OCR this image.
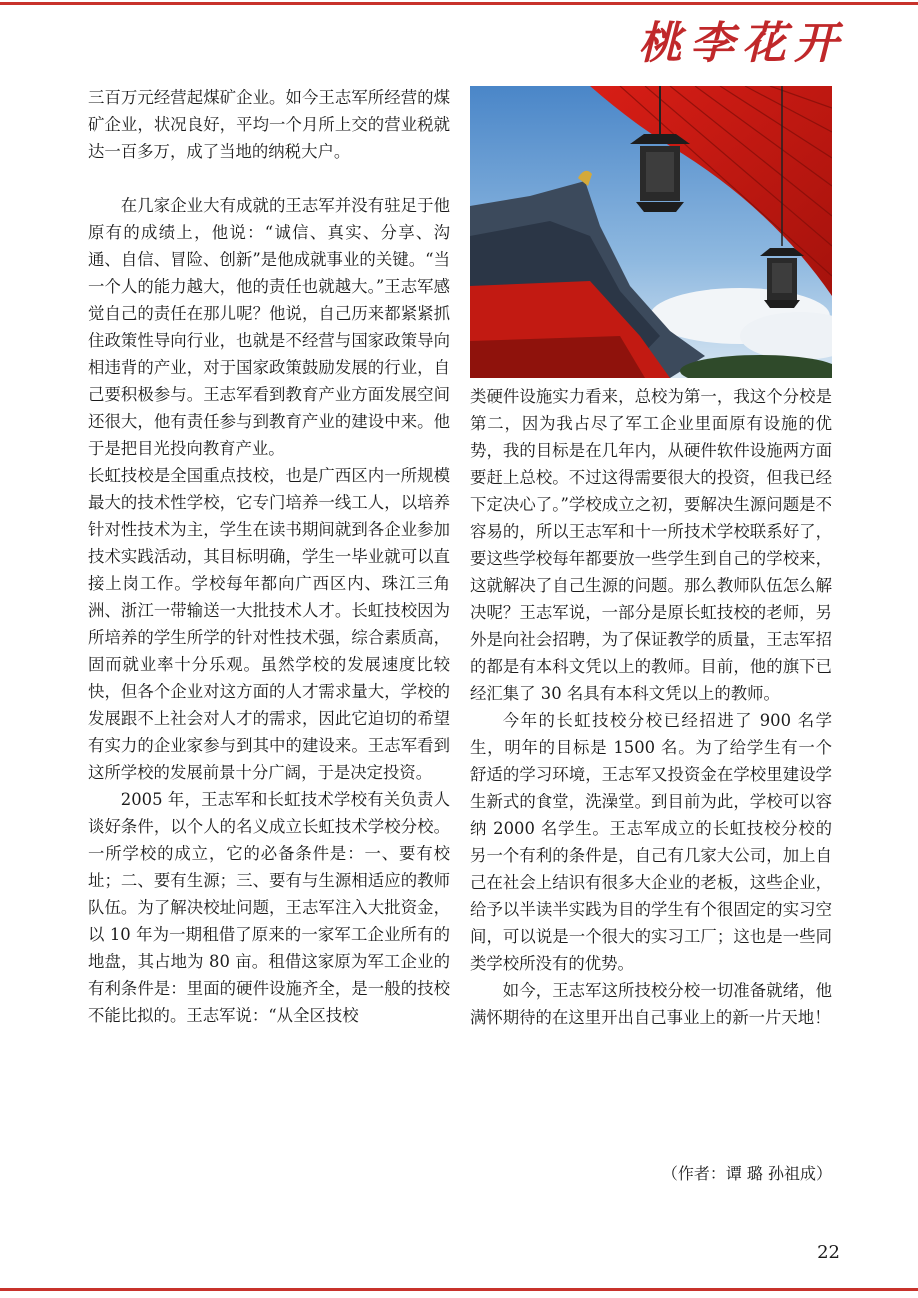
桃李花开

三百万元经营起煤矿企业。如今王志军所经营的煤矿企业，状况良好，平均一个月所上交的营业税就达一百多万，成了当地的纳税大户。

在几家企业大有成就的王志军并没有驻足于他原有的成绩上，他说：“诚信、真实、分享、沟通、自信、冒险、创新”是他成就事业的关键。“当一个人的能力越大，他的责任也就越大。”王志军感觉自己的责任在那儿呢？他说，自己历来都紧紧抓住政策性导向行业，也就是不经营与国家政策导向相违背的产业，对于国家政策鼓励发展的行业，自己要积极参与。王志军看到教育产业方面发展空间还很大，他有责任参与到教育产业的建设中来。他于是把目光投向教育产业。

长虹技校是全国重点技校，也是广西区内一所规模最大的技术性学校，它专门培养一线工人，以培养针对性技术为主，学生在读书期间就到各企业参加技术实践活动，其目标明确，学生一毕业就可以直接上岗工作。学校每年都向广西区内、珠江三角洲、浙江一带输送一大批技术人才。长虹技校因为所培养的学生所学的针对性技术强，综合素质高，固而就业率十分乐观。虽然学校的发展速度比较快，但各个企业对这方面的人才需求量大，学校的发展跟不上社会对人才的需求，因此它迫切的希望有实力的企业家参与到其中的建设来。王志军看到这所学校的发展前景十分广阔，于是决定投资。

2005 年，王志军和长虹技术学校有关负责人谈好条件，以个人的名义成立长虹技术学校分校。一所学校的成立，它的必备条件是：一、要有校址；二、要有生源；三、要有与生源相适应的教师队伍。为了解决校址问题，王志军注入大批资金，以 10 年为一期租借了原来的一家军工企业所有的地盘，其占地为 80 亩。租借这家原为军工企业的有利条件是：里面的硬件设施齐全，是一般的技校不能比拟的。王志军说：“从全区技校

类硬件设施实力看来，总校为第一，我这个分校是第二，因为我占尽了军工企业里面原有设施的优势，我的目标是在几年内，从硬件软件设施两方面要赶上总校。不过这得需要很大的投资，但我已经下定决心了。”学校成立之初，要解决生源问题是不容易的，所以王志军和十一所技术学校联系好了，要这些学校每年都要放一些学生到自己的学校来，这就解决了自己生源的问题。那么教师队伍怎么解决呢？王志军说，一部分是原长虹技校的老师，另外是向社会招聘，为了保证教学的质量，王志军招的都是有本科文凭以上的教师。目前，他的旗下已经汇集了 30 名具有本科文凭以上的教师。

今年的长虹技校分校已经招进了 900 名学生，明年的目标是 1500 名。为了给学生有一个舒适的学习环境，王志军又投资金在学校里建设学生新式的食堂，洗澡堂。到目前为此，学校可以容纳 2000 名学生。王志军成立的长虹技校分校的另一个有利的条件是，自己有几家大公司，加上自己在社会上结识有很多大企业的老板，这些企业，给予以半读半实践为目的学生有个很固定的实习空间，可以说是一个很大的实习工厂；这也是一些同类学校所没有的优势。

如今，王志军这所技校分校一切准备就绪，他满怀期待的在这里开出自己事业上的新一片天地！

（作者：谭 璐 孙祖成）
22
